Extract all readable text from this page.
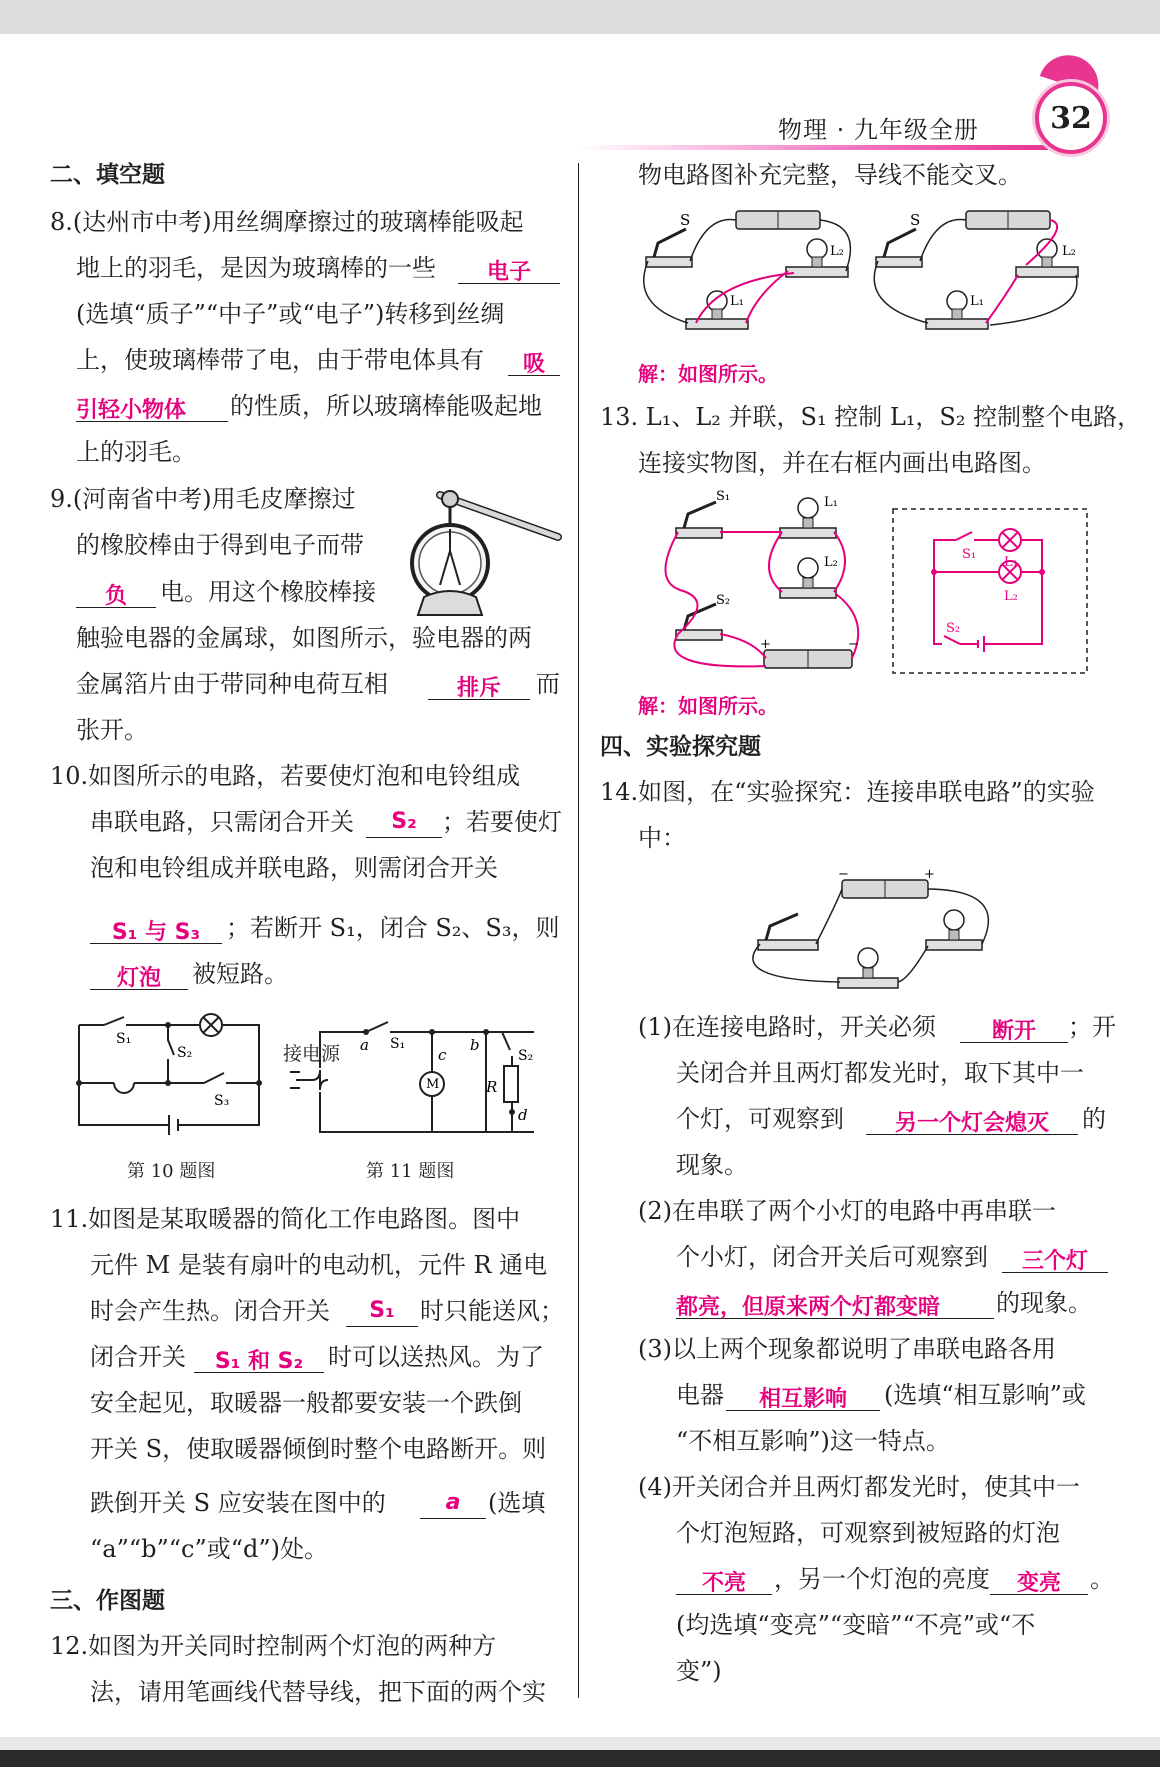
物理 · 九年级全册	32
二、填空题
8.(达州市中考)用丝绸摩擦过的玻璃棒能吸起
地上的羽毛，是因为玻璃棒的一些	电子
(选填“质子”“中子”或“电子”)转移到丝绸
上，使玻璃棒带了电，由于带电体具有	吸
引轻小物体	的性质，所以玻璃棒能吸起地
上的羽毛。
9.(河南省中考)用毛皮摩擦过
的橡胶棒由于得到电子而带
负	电。用这个橡胶棒接
触验电器的金属球，如图所示，验电器的两
金属箔片由于带同种电荷互相	排斥	而
张开。
10.如图所示的电路，若要使灯泡和电铃组成
串联电路，只需闭合开关	S₂	；若要使灯
泡和电铃组成并联电路，则需闭合开关
S₁ 与 S₃	；若断开 S₁，闭合 S₂、S₃，则
灯泡	被短路。
S₁
S₂
S₃
第 10 题图
接电源
M
a S₁
c
b
S₂
R
d
第 11 题图
11.如图是某取暖器的简化工作电路图。图中
元件 M 是装有扇叶的电动机，元件 R 通电
时会产生热。闭合开关	S₁	时只能送风；
闭合开关	S₁ 和 S₂	时可以送热风。为了
安全起见，取暖器一般都要安装一个跌倒
开关 S，使取暖器倾倒时整个电路断开。则
跌倒开关 S 应安装在图中的	a	(选填
“a”“b”“c”或“d”)处。
三、作图题
12.如图为开关同时控制两个灯泡的两种方
法，请用笔画线代替导线，把下面的两个实
物电路图补充完整，导线不能交叉。
S
L₂
L₁
S
L₂
L₁
解：如图所示。
13. L₁、L₂ 并联，S₁ 控制 L₁，S₂ 控制整个电路，
连接实物图，并在右框内画出电路图。
S₁
S₂
L₁
L₂
+	−
S₁
L₁
S₂
L₂
解：如图所示。
四、实验探究题
14.如图，在“实验探究：连接串联电路”的实验
中：
−	+
(1)在连接电路时，开关必须	断开	；开
关闭合并且两灯都发光时，取下其中一
个灯，可观察到	另一个灯会熄灭	的
现象。
(2)在串联了两个小灯的电路中再串联一
个小灯，闭合开关后可观察到	三个灯
都亮，但原来两个灯都变暗	的现象。
(3)以上两个现象都说明了串联电路各用
电器	相互影响	(选填“相互影响”或
“不相互影响”)这一特点。
(4)开关闭合并且两灯都发光时，使其中一
个灯泡短路，可观察到被短路的灯泡
不亮	，另一个灯泡的亮度	变亮	。
(均选填“变亮”“变暗”“不亮”或“不
变”)
